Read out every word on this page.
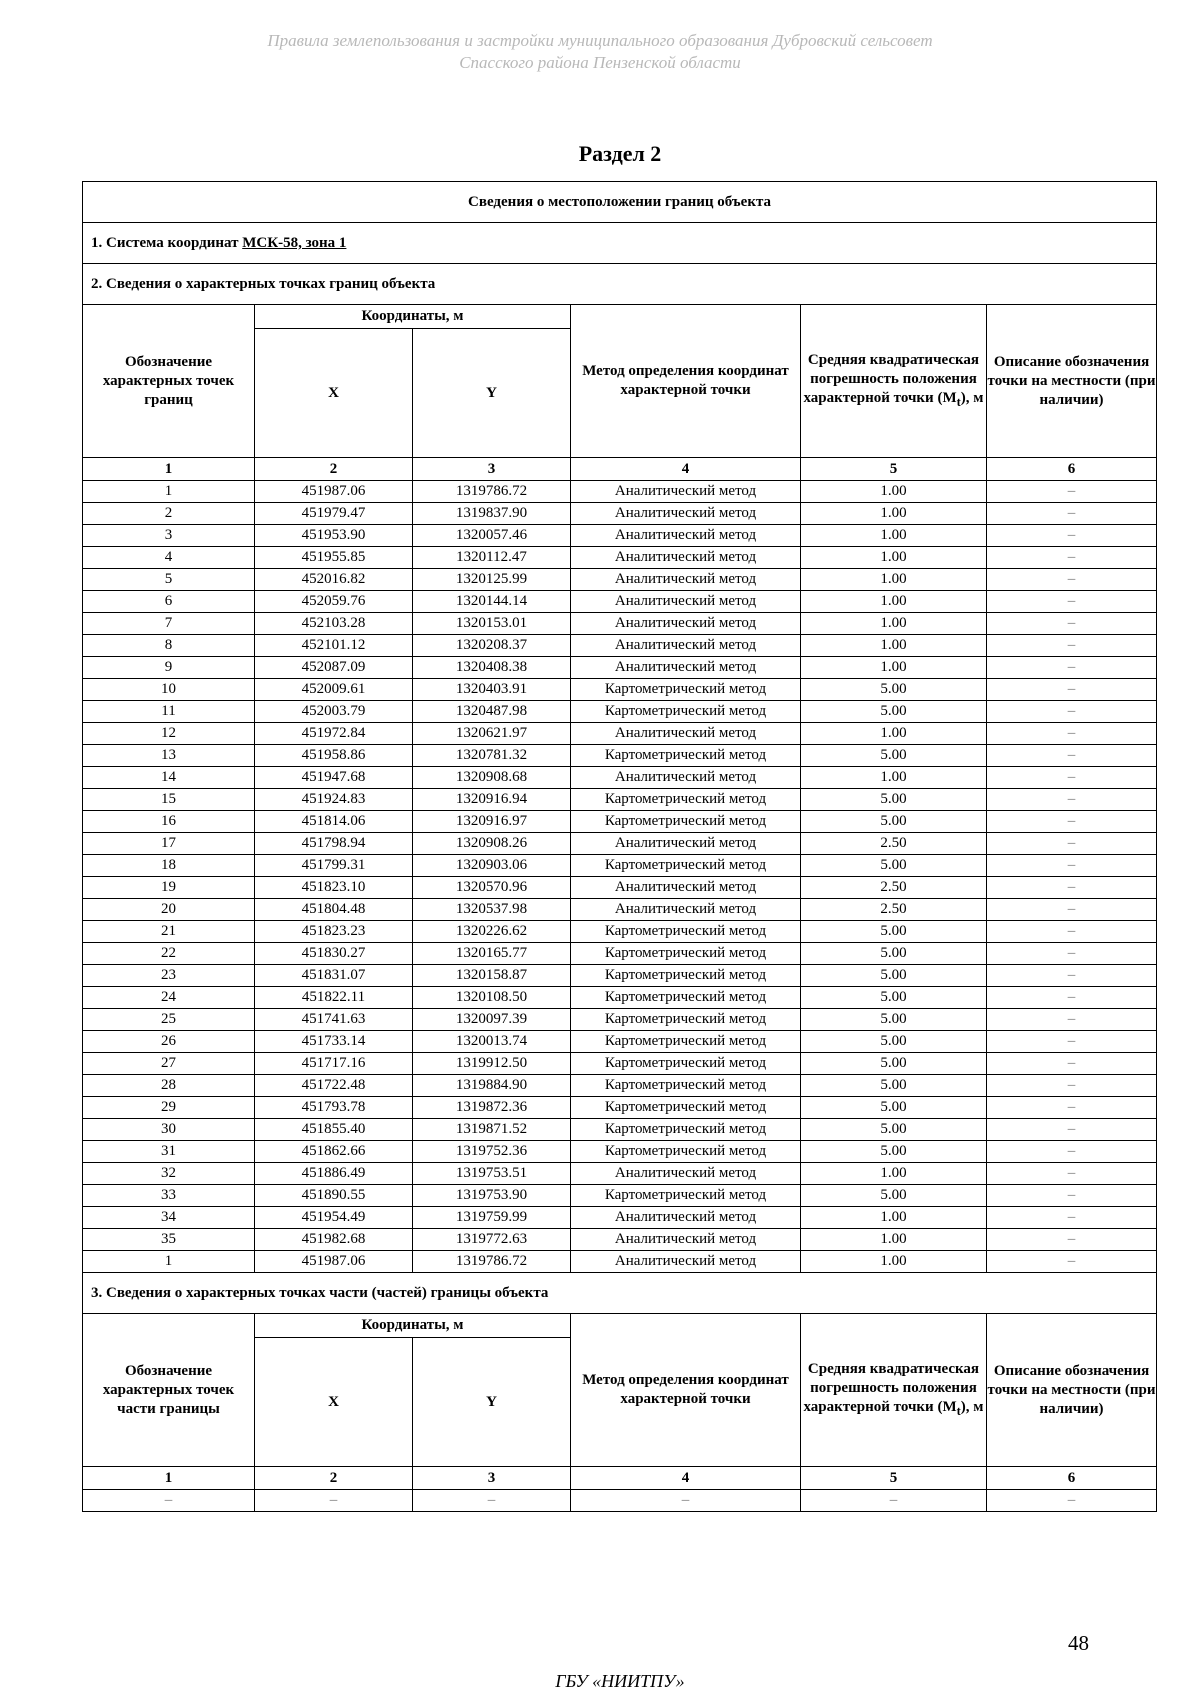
Правила землепользования и застройки муниципального образования Дубровский сельсовет
Спасского района Пензенской области
Раздел 2
Сведения о местоположении границ объекта					
1. Система координат МСК-58, зона 1					
2. Сведения о характерных точках границ объекта					
Обозначение характерных точек границ	Координаты, м		Метод определения координат характерной точки	Средняя квадратическая погрешность положения характерной точки $(M_t)$, м	Описание обозначения точки на местности (при наличии)
	X	Y			
1	2	3	4	5	6
1	451987.06	1319786.72	Аналитический метод	1.00	–
2	451979.47	1319837.90	Аналитический метод	1.00	–
3	451953.90	1320057.46	Аналитический метод	1.00	–
4	451955.85	1320112.47	Аналитический метод	1.00	–
5	452016.82	1320125.99	Аналитический метод	1.00	–
6	452059.76	1320144.14	Аналитический метод	1.00	–
7	452103.28	1320153.01	Аналитический метод	1.00	–
8	452101.12	1320208.37	Аналитический метод	1.00	–
9	452087.09	1320408.38	Аналитический метод	1.00	–
10	452009.61	1320403.91	Картометрический метод	5.00	–
11	452003.79	1320487.98	Картометрический метод	5.00	–
12	451972.84	1320621.97	Аналитический метод	1.00	–
13	451958.86	1320781.32	Картометрический метод	5.00	–
14	451947.68	1320908.68	Аналитический метод	1.00	–
15	451924.83	1320916.94	Картометрический метод	5.00	–
16	451814.06	1320916.97	Картометрический метод	5.00	–
17	451798.94	1320908.26	Аналитический метод	2.50	–
18	451799.31	1320903.06	Картометрический метод	5.00	–
19	451823.10	1320570.96	Аналитический метод	2.50	–
20	451804.48	1320537.98	Аналитический метод	2.50	–
21	451823.23	1320226.62	Картометрический метод	5.00	–
22	451830.27	1320165.77	Картометрический метод	5.00	–
23	451831.07	1320158.87	Картометрический метод	5.00	–
24	451822.11	1320108.50	Картометрический метод	5.00	–
25	451741.63	1320097.39	Картометрический метод	5.00	–
26	451733.14	1320013.74	Картометрический метод	5.00	–
27	451717.16	1319912.50	Картометрический метод	5.00	–
28	451722.48	1319884.90	Картометрический метод	5.00	–
29	451793.78	1319872.36	Картометрический метод	5.00	–
30	451855.40	1319871.52	Картометрический метод	5.00	–
31	451862.66	1319752.36	Картометрический метод	5.00	–
32	451886.49	1319753.51	Аналитический метод	1.00	–
33	451890.55	1319753.90	Картометрический метод	5.00	–
34	451954.49	1319759.99	Аналитический метод	1.00	–
35	451982.68	1319772.63	Аналитический метод	1.00	–
1	451987.06	1319786.72	Аналитический метод	1.00	–
3. Сведения о характерных точках части (частей) границы объекта					
Обозначение характерных точек части границы	Координаты, м		Метод определения координат характерной точки	Средняя квадратическая погрешность положения характерной точки $(M_t)$, м	Описание обозначения точки на местности (при наличии)
	X	Y			
1	2	3	4	5	6
–	–	–	–	–	–
48
ГБУ «НИИТПУ»
